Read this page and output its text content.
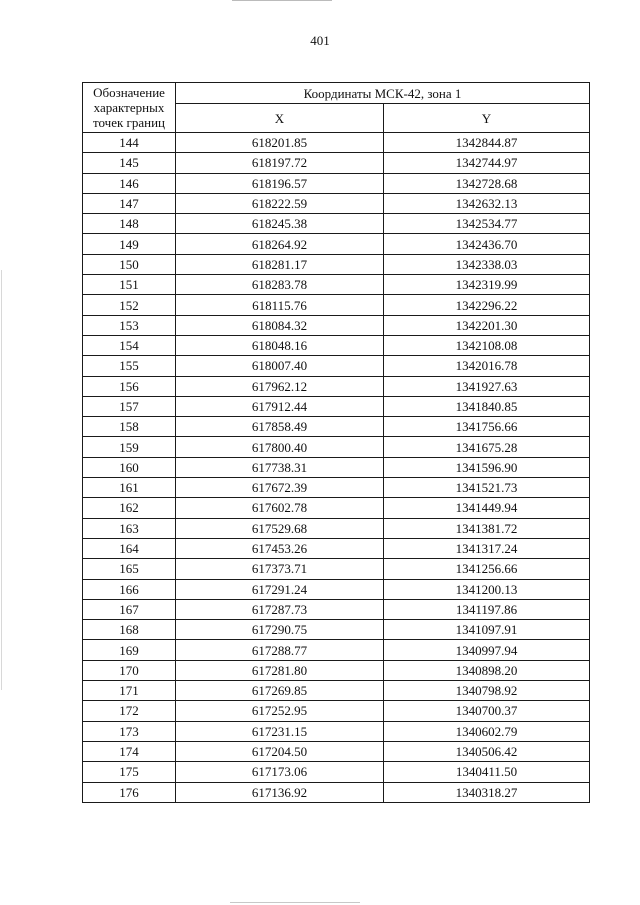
401
Обозначение характерных точек границ	Координаты МСК-42, зона 1	
	X	Y
144	618201.85	1342844.87
145	618197.72	1342744.97
146	618196.57	1342728.68
147	618222.59	1342632.13
148	618245.38	1342534.77
149	618264.92	1342436.70
150	618281.17	1342338.03
151	618283.78	1342319.99
152	618115.76	1342296.22
153	618084.32	1342201.30
154	618048.16	1342108.08
155	618007.40	1342016.78
156	617962.12	1341927.63
157	617912.44	1341840.85
158	617858.49	1341756.66
159	617800.40	1341675.28
160	617738.31	1341596.90
161	617672.39	1341521.73
162	617602.78	1341449.94
163	617529.68	1341381.72
164	617453.26	1341317.24
165	617373.71	1341256.66
166	617291.24	1341200.13
167	617287.73	1341197.86
168	617290.75	1341097.91
169	617288.77	1340997.94
170	617281.80	1340898.20
171	617269.85	1340798.92
172	617252.95	1340700.37
173	617231.15	1340602.79
174	617204.50	1340506.42
175	617173.06	1340411.50
176	617136.92	1340318.27
